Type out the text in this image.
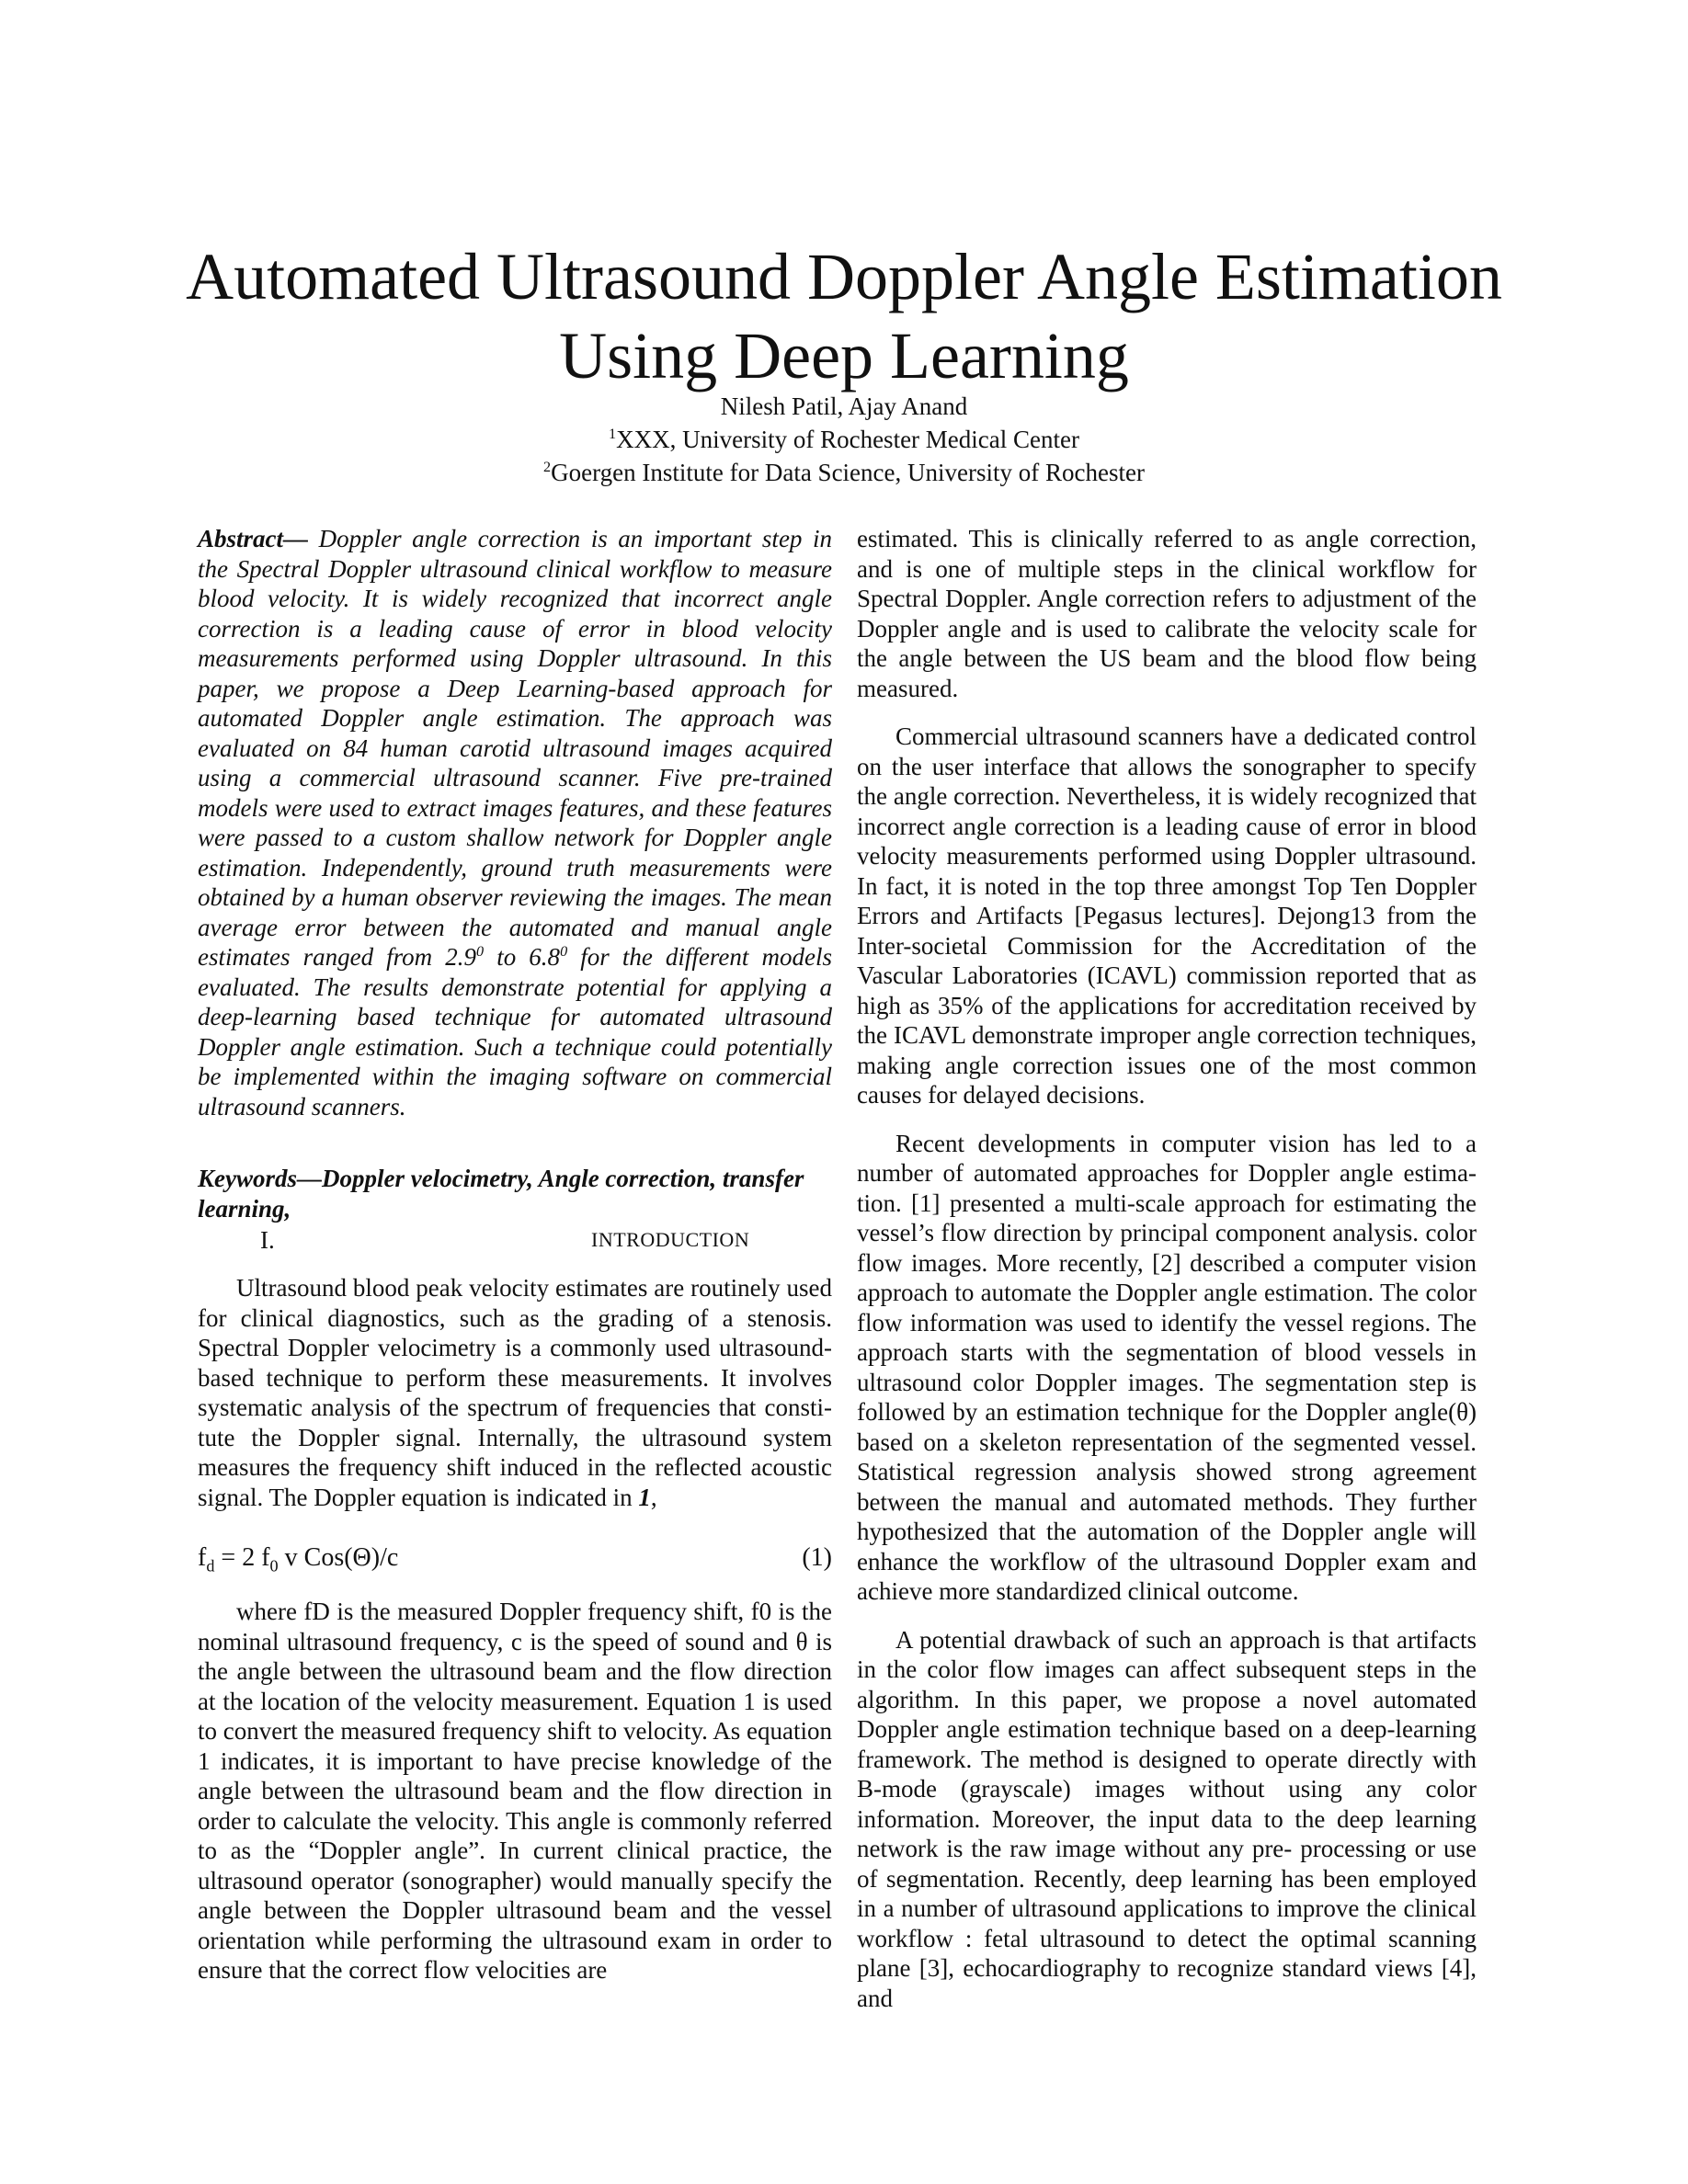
Automated Ultrasound Doppler Angle Estimation
Using Deep Learning
Nilesh Patil, Ajay Anand
$^1$XXX, University of Rochester Medical Center
$^2$Goergen Institute for Data Science, University of Rochester

Abstract— Doppler angle correction is an important step in the Spectral Doppler ultrasound clinical workflow to measure blood velocity. It is widely recognized that incorrect angle correction is a leading cause of error in blood velocity measurements performed using Doppler ultrasound. In this paper, we propose a Deep Learning-based approach for automated Doppler angle estimation. The approach was evaluated on 84 human carotid ultrasound images acquired using a commercial ultrasound scanner. Five pre-trained models were used to extract images features, and these features were passed to a custom shallow network for Doppler angle estimation. Independently, ground truth measurements were obtained by a human observer reviewing the images. The mean average error between the automated and manual angle estimates ranged from $2.9^0$ to $6.8^0$ for the different models evaluated. The results demonstrate potential for applying a deep-learning based technique for automated ultrasound Doppler angle estimation. Such a technique could potentially be implemented within the imaging software on commercial ultrasound scanners.

Keywords—Doppler velocimetry, Angle correction, transfer learning,

I.	INTRODUCTION

Ultrasound blood peak velocity estimates are routinely used for clinical diagnostics, such as the grading of a stenosis. Spectral Doppler velocimetry is a commonly used ultrasound- based technique to perform these measurements. It involves systematic analysis of the spectrum of frequencies that consti- tute the Doppler signal. Internally, the ultrasound system measures the frequency shift induced in the reflected acoustic signal. The Doppler equation is indicated in 1,

$f_d = 2$ $f_0$ v Cos(Θ)/c	(1)

where fD is the measured Doppler frequency shift, f0 is the nominal ultrasound frequency, c is the speed of sound and θ is the angle between the ultrasound beam and the flow direction at the location of the velocity measurement. Equation 1 is used to convert the measured frequency shift to velocity. As equation 1 indicates, it is important to have precise knowledge of the angle between the ultrasound beam and the flow direction in order to calculate the velocity. This angle is commonly referred to as the “Doppler angle”. In current clinical practice, the ultrasound operator (sonographer) would manually specify the angle between the Doppler ultrasound beam and the vessel orientation while performing the ultrasound exam in order to ensure that the correct flow velocities are

estimated. This is clinically referred to as angle correction, and is one of multiple steps in the clinical workflow for Spectral Doppler. Angle correction refers to adjustment of the Doppler angle and is used to calibrate the velocity scale for the angle between the US beam and the blood flow being measured.

Commercial ultrasound scanners have a dedicated control on the user interface that allows the sonographer to specify the angle correction. Nevertheless, it is widely recognized that incorrect angle correction is a leading cause of error in blood velocity measurements performed using Doppler ultrasound. In fact, it is noted in the top three amongst Top Ten Doppler Errors and Artifacts [Pegasus lectures]. Dejong13 from the Inter-societal Commission for the Accreditation of the Vascular Laboratories (ICAVL) commission reported that as high as 35% of the applications for accreditation received by the ICAVL demonstrate improper angle correction techniques, making angle correction issues one of the most common causes for delayed decisions.

Recent developments in computer vision has led to a number of automated approaches for Doppler angle estima- tion. [1] presented a multi-scale approach for estimating the vessel’s flow direction by principal component analysis. color flow images. More recently, [2] described a computer vision approach to automate the Doppler angle estimation. The color flow information was used to identify the vessel regions. The approach starts with the segmentation of blood vessels in ultrasound color Doppler images. The segmentation step is followed by an estimation technique for the Doppler angle(θ) based on a skeleton representation of the segmented vessel. Statistical regression analysis showed strong agreement between the manual and automated methods. They further hypothesized that the automation of the Doppler angle will enhance the workflow of the ultrasound Doppler exam and achieve more standardized clinical outcome.

A potential drawback of such an approach is that artifacts in the color flow images can affect subsequent steps in the algorithm. In this paper, we propose a novel automated Doppler angle estimation technique based on a deep-learning framework. The method is designed to operate directly with B-mode (grayscale) images without using any color information. Moreover, the input data to the deep learning network is the raw image without any pre- processing or use of segmentation. Recently, deep learning has been employed in a number of ultrasound applications to improve the clinical workflow : fetal ultrasound to detect the optimal scanning plane [3], echocardiography to recognize standard views [4], and
